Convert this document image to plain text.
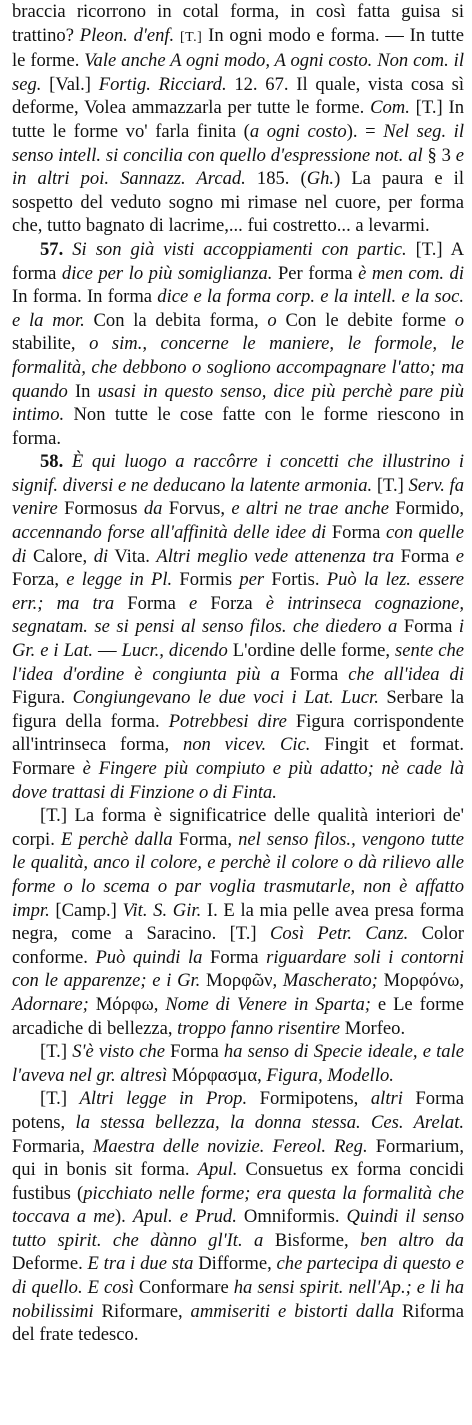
braccia ricorrono in cotal forma, in così fatta guisa si trattino? Pleon. d'enf. [T.] In ogni modo e forma. — In tutte le forme. Vale anche A ogni modo, A ogni costo. Non com. il seg. [Val.] Fortig. Ricciard. 12. 67. Il quale, vista cosa sì deforme, Volea ammazzarla per tutte le forme. Com. [T.] In tutte le forme vo' farla finita (a ogni costo). = Nel seg. il senso intell. si concilia con quello d'espressione not. al § 3 e in altri poi. Sannazz. Arcad. 185. (Gh.) La paura e il sospetto del veduto sogno mi rimase nel cuore, per forma che, tutto bagnato di lacrime,... fui costretto... a levarmi.

57. Si son già visti accoppiamenti con partic. [T.] A forma dice per lo più somiglianza. Per forma è men com. di In forma. In forma dice e la forma corp. e la intell. e la soc. e la mor. Con la debita forma, o Con le debite forme o stabilite, o sim., concerne le maniere, le formole, le formalità, che debbono o sogliono accompagnare l'atto; ma quando In usasi in questo senso, dice più perchè pare più intimo. Non tutte le cose fatte con le forme riescono in forma.

58. È qui luogo a raccôrre i concetti che illustrino i signif. diversi e ne deducano la latente armonia. [T.] Serv. fa venire Formosus da Forvus, e altri ne trae anche Formido, accennando forse all'affinità delle idee di Forma con quelle di Calore, di Vita. Altri meglio vede attenenza tra Forma e Forza, e legge in Pl. Formis per Fortis. Può la lez. essere err.; ma tra Forma e Forza è intrinseca cognazione, segnatam. se si pensi al senso filos. che diedero a Forma i Gr. e i Lat. — Lucr., dicendo L'ordine delle forme, sente che l'idea d'ordine è congiunta più a Forma che all'idea di Figura. Congiungevano le due voci i Lat. Lucr. Serbare la figura della forma. Potrebbesi dire Figura corrispondente all'intrinseca forma, non vicev. Cic. Fingit et format. Formare è Fingere più compiuto e più adatto; nè cade là dove trattasi di Finzione o di Finta.

[T.] La forma è significatrice delle qualità interiori de' corpi. E perchè dalla Forma, nel senso filos., vengono tutte le qualità, anco il colore, e perchè il colore o dà rilievo alle forme o lo scema o par voglia trasmutarle, non è affatto impr. [Camp.] Vit. S. Gir. I. E la mia pelle avea presa forma negra, come a Saracino. [T.] Così Petr. Canz. Color conforme. Può quindi la Forma riguardare soli i contorni con le apparenze; e i Gr. Μορφῶν, Mascherato; Μορφόνω, Adornare; Μόρφω, Nome di Venere in Sparta; e Le forme arcadiche di bellezza, troppo fanno risentire Morfeo.

[T.] S'è visto che Forma ha senso di Specie ideale, e tale l'aveva nel gr. altresì Μόρφασμα, Figura, Modello.

[T.] Altri legge in Prop. Formipotens, altri Forma potens, la stessa bellezza, la donna stessa. Ces. Arelat. Formaria, Maestra delle novizie. Fereol. Reg. Formarium, qui in bonis sit forma. Apul. Consuetus ex forma concidi fustibus (picchiato nelle forme; era questa la formalità che toccava a me). Apul. e Prud. Omniformis. Quindi il senso tutto spirit. che dànno gl'It. a Bisforme, ben altro da Deforme. E tra i due sta Difforme, che partecipa di questo e di quello. E così Conformare ha sensi spirit. nell'Ap.; e li ha nobilissimi Riformare, ammiseriti e bistorti dalla Riforma del frate tedesco.
